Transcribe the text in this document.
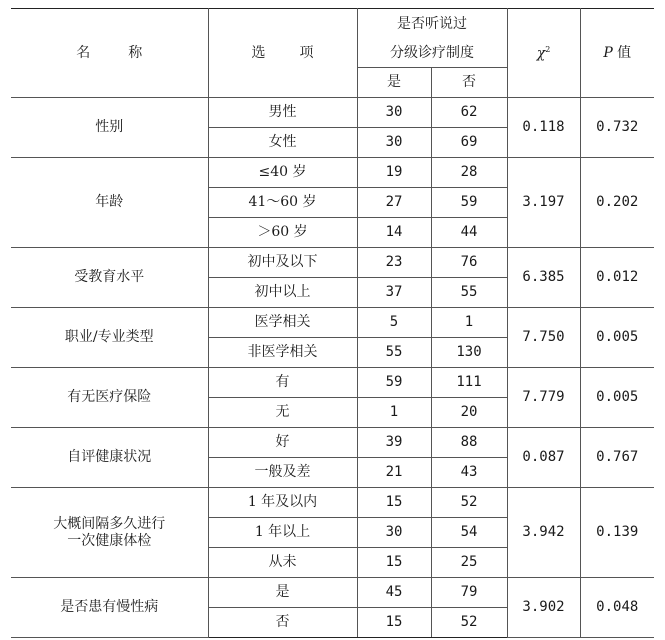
名称	选项	是否听说过		$\chi^2$	P 值
		分级诊疗制度			
		是	否		

性别	男性	30	62	0.118	0.732
	女性	30	69		

年龄	≤40 岁	19	28	3.197	0.202
	41～60 岁	27	59		
	＞60 岁	14	44		

受教育水平	初中及以下	23	76	6.385	0.012
	初中以上	37	55		

职业/专业类型	医学相关	5	1	7.750	0.005
	非医学相关	55	130		

有无医疗保险	有	59	111	7.779	0.005
	无	1	20		

自评健康状况	好	39	88	0.087	0.767
	一般及差	21	43		

大概间隔多久进行
一次健康体检	1 年及以内	15	52	3.942	0.139
	1 年以上	30	54		
	从未	15	25		

是否患有慢性病	是	45	79	3.902	0.048
	否	15	52		
